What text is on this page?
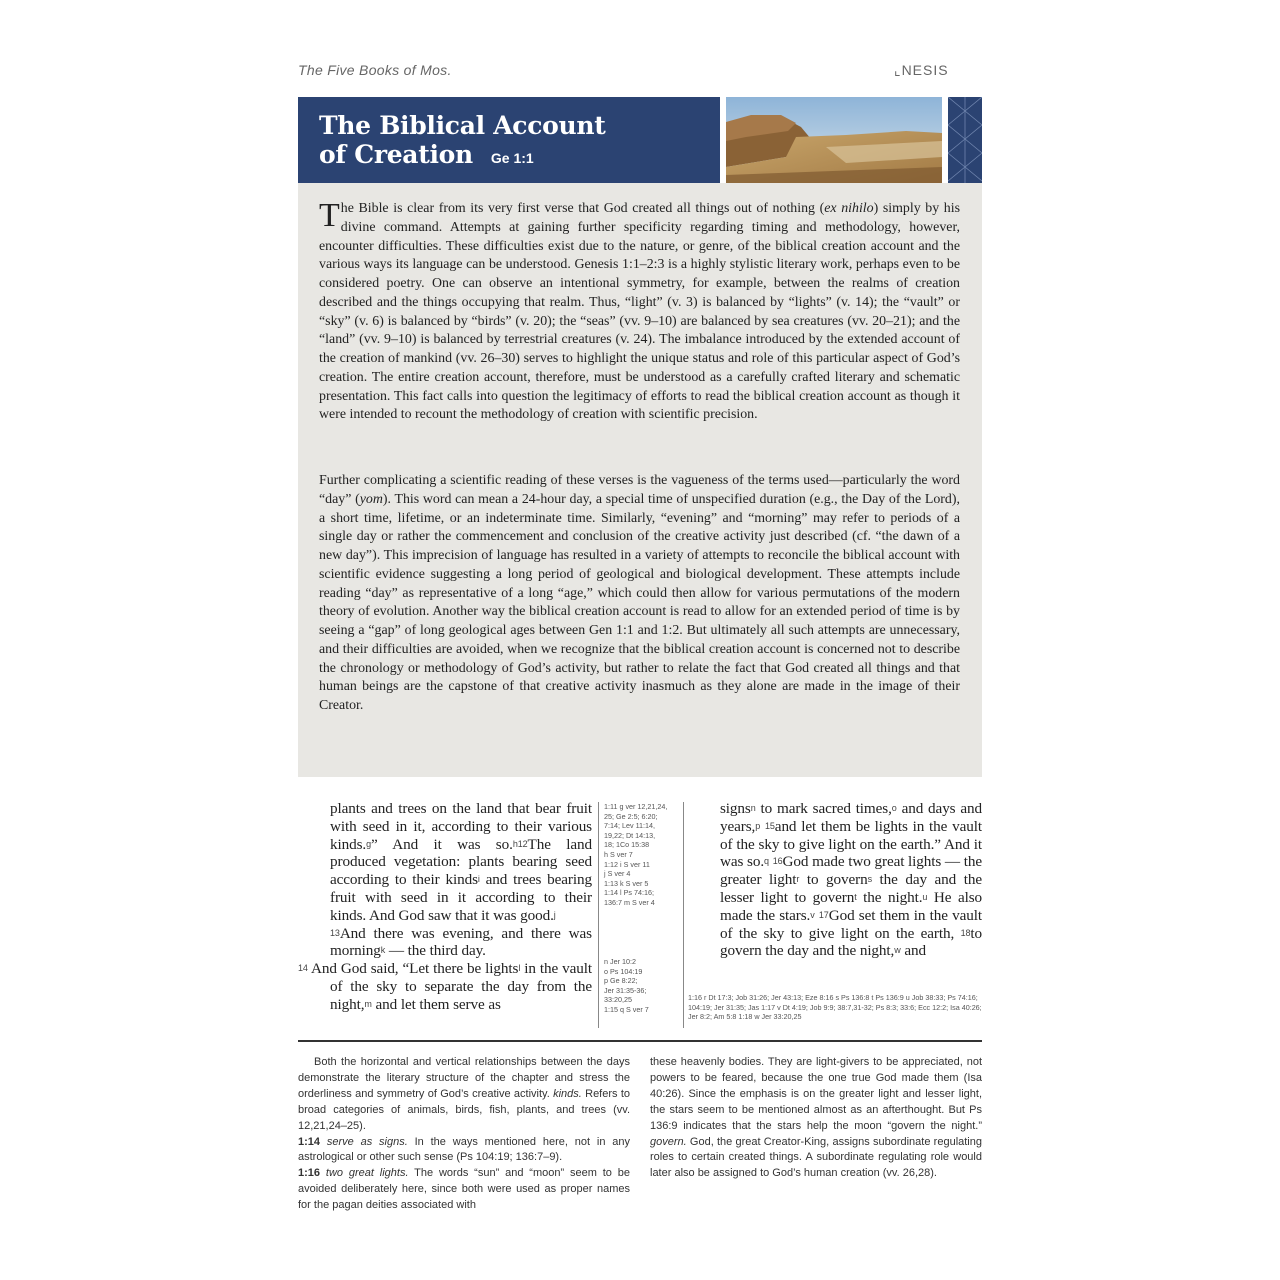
The Five Books of Mos.	⌞NESIS
The Biblical Account
of Creation Ge 1:1

The Bible is clear from its very first verse that God created all things out of nothing (ex nihilo) simply by his divine command. Attempts at gaining further specificity regarding timing and methodology, however, encounter difficulties. These difficulties exist due to the nature, or genre, of the biblical creation account and the various ways its language can be understood. Genesis 1:1–2:3 is a highly stylistic literary work, perhaps even to be considered poetry. One can observe an intentional symmetry, for example, between the realms of creation described and the things occupying that realm. Thus, “light” (v. 3) is balanced by “lights” (v. 14); the “vault” or “sky” (v. 6) is balanced by “birds” (v. 20); the “seas” (vv. 9–10) are balanced by sea creatures (vv. 20–21); and the “land” (vv. 9–10) is balanced by terrestrial creatures (v. 24). The imbalance introduced by the extended account of the creation of mankind (vv. 26–30) serves to highlight the unique status and role of this particular aspect of God’s creation. The entire creation account, therefore, must be understood as a carefully crafted literary and schematic presentation. This fact calls into question the legitimacy of efforts to read the biblical creation account as though it were intended to recount the methodology of creation with scientific precision.

Further complicating a scientific reading of these verses is the vagueness of the terms used—particularly the word “day” (yom). This word can mean a 24-hour day, a special time of unspecified duration (e.g., the Day of the Lord), a short time, lifetime, or an indeterminate time. Similarly, “evening” and “morning” may refer to periods of a single day or rather the commencement and conclusion of the creative activity just described (cf. “the dawn of a new day”). This imprecision of language has resulted in a variety of attempts to reconcile the biblical account with scientific evidence suggesting a long period of geological and biological development. These attempts include reading “day” as representative of a long “age,” which could then allow for various permutations of the modern theory of evolution. Another way the biblical creation account is read to allow for an extended period of time is by seeing a “gap” of long geological ages between Gen 1:1 and 1:2. But ultimately all such attempts are unnecessary, and their difficulties are avoided, when we recognize that the biblical creation account is concerned not to describe the chronology or methodology of God’s activity, but rather to relate the fact that God created all things and that human beings are the capstone of that creative activity inasmuch as they alone are made in the image of their Creator.

plants and trees on the land that bear fruit with seed in it, according to their various kinds.$^g$” And it was so.$^{h12}$The land produced vegetation: plants bearing seed according to their kinds$^i$ and trees bearing fruit with seed in it according to their kinds. And God saw that it was good.$^j$
$^{13}$And there was evening, and there was morning$^k$ — the third day.

$^{14}$ And God said, “Let there be lights$^l$ in the vault of the sky to separate the day from the night,$^m$ and let them serve as

1:11 g ver 12,21,24,
25; Ge 2:5; 6:20;
7:14; Lev 11:14,
19,22; Dt 14:13,
18; 1Co 15:38
h S ver 7
1:12 i S ver 11
j S ver 4
1:13 k S ver 5
1:14 l Ps 74:16;
136:7 m S ver 4
n Jer 10:2
o Ps 104:19
p Ge 8:22;
Jer 31:35-36;
33:20,25
1:15 q S ver 7

signs$^n$ to mark sacred times,$^o$ and days and years,$^p$ $^{15}$and let them be lights in the vault of the sky to give light on the earth.” And it was so.$^q$ $^{16}$God made two great lights — the greater light$^r$ to govern$^s$ the day and the lesser light to govern$^t$ the night.$^u$ He also made the stars.$^v$ $^{17}$God set them in the vault of the sky to give light on the earth, $^{18}$to govern the day and the night,$^w$ and

1:16 r Dt 17:3; Job 31:26; Jer 43:13; Eze 8:16 s Ps 136:8 t Ps 136:9 u Job 38:33; Ps 74:16; 104:19; Jer 31:35; Jas 1:17 v Dt 4:19; Job 9:9; 38:7,31-32; Ps 8:3; 33:6; Ecc 12:2; Isa 40:26; Jer 8:2; Am 5:8 1:18 w Jer 33:20,25

Both the horizontal and vertical relationships between the days demonstrate the literary structure of the chapter and stress the orderliness and symmetry of God’s creative activity. kinds. Refers to broad categories of animals, birds, fish, plants, and trees (vv. 12,21,24–25).

1:14 serve as signs. In the ways mentioned here, not in any astrological or other such sense (Ps 104:19; 136:7–9).

1:16 two great lights. The words “sun” and “moon” seem to be avoided deliberately here, since both were used as proper names for the pagan deities associated with

these heavenly bodies. They are light-givers to be appreciated, not powers to be feared, because the one true God made them (Isa 40:26). Since the emphasis is on the greater light and lesser light, the stars seem to be mentioned almost as an afterthought. But Ps 136:9 indicates that the stars help the moon “govern the night.” govern. God, the great Creator-King, assigns subordinate regulating roles to certain created things. A subordinate regulating role would later also be assigned to God’s human creation (vv. 26,28).
